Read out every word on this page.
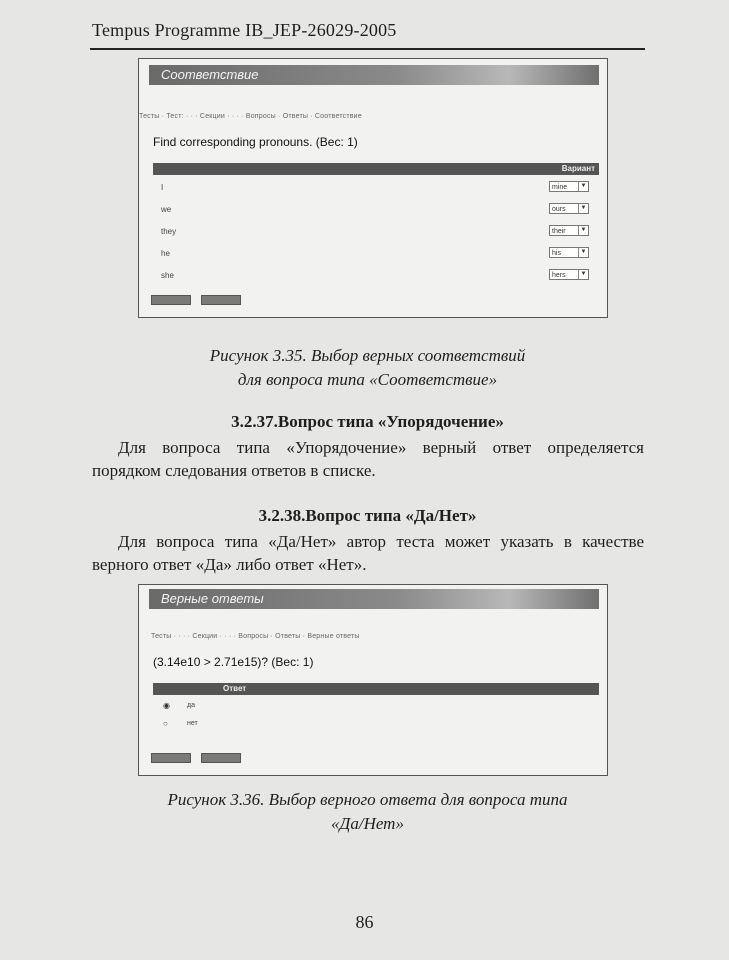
Tempus Programme IB_JEP-26029-2005
Соответствие
Тесты · Тест: · · · Секции · · · · Вопросы · Ответы · Соответствие
Find corresponding pronouns. (Вес: 1)
Вариант
I	mine	▼
we	ours	▼
they	their	▼
he	his	▼
she	hers	▼
Рисунок 3.35. Выбор верных соответствий
для вопроса типа «Соответствие»
3.2.37.Вопрос типа «Упорядочение»
Для вопроса типа «Упорядочение» верный ответ определяется порядком следования ответов в списке.
3.2.38.Вопрос типа «Да/Нет»
Для вопроса типа «Да/Нет» автор теста может указать в качестве верного ответ «Да» либо ответ «Нет».
Верные ответы
Тесты · · · · Секции · · · · Вопросы · Ответы · Верные ответы
(3.14e10 > 2.71e15)? (Вес: 1)
Ответ
◉ да
○	нет
Рисунок 3.36. Выбор верного ответа для вопроса типа
«Да/Нет»
86
